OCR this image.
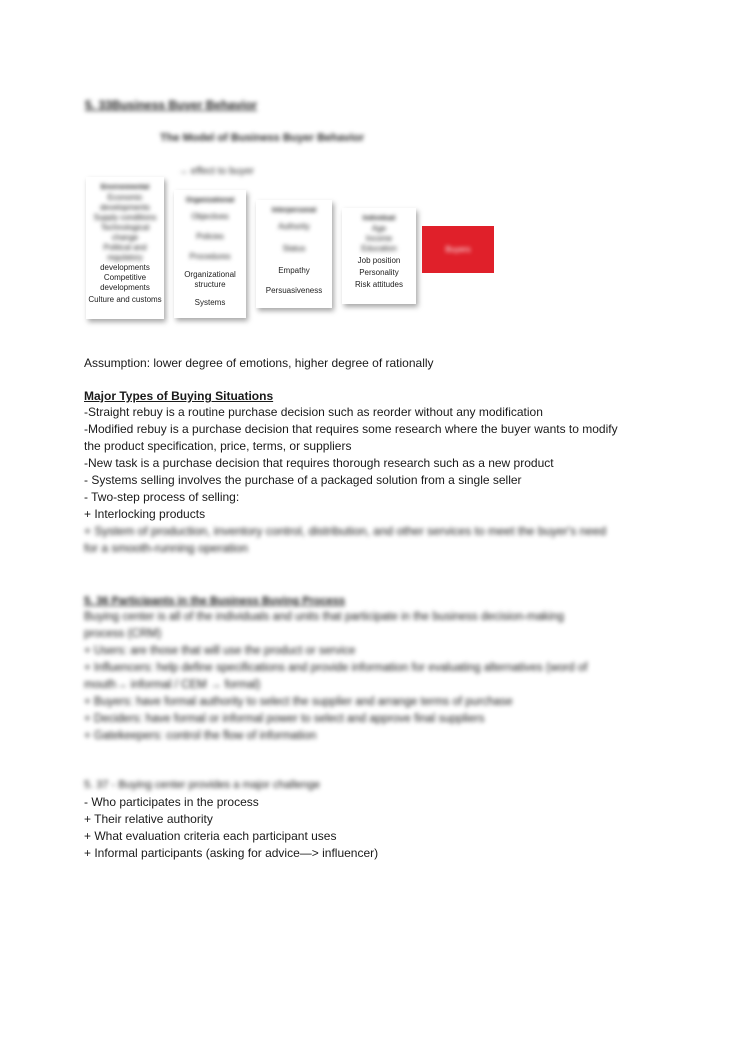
5. 33Business Buyer Behavior
The Model of Business Buyer Behavior
→ effect to buyer
Environmental
Economic
developments
Supply conditions
Technological
change
Political and
regulatory
developments
Competitive
developments
Culture and customs
Organizational
Objectives
Policies
Procedures
Organizational
structure
Systems
Interpersonal
Authority
Status
Empathy
Persuasiveness
Individual
Age
Income
Education
Job position
Personality
Risk attitudes
Buyers
Assumption: lower degree of emotions, higher degree of rationally
Major Types of Buying Situations
-Straight rebuy is a routine purchase decision such as reorder without any modification
-Modified rebuy is a purchase decision that requires some research where the buyer wants to modify
the product specification, price, terms, or suppliers
-New task is a purchase decision that requires thorough research such as a new product
- Systems selling involves the purchase of a packaged solution from a single seller
- Two-step process of selling:
+ Interlocking products
+ System of production, inventory control, distribution, and other services to meet the buyer's need
for a smooth-running operation
5. 36 Participants in the Business Buying Process
Buying center is all of the individuals and units that participate in the business decision-making
process (CRM)
+ Users: are those that will use the product or service
+ Influencers: help define specifications and provide information for evaluating alternatives (word of
mouth→ informal / CEM → formal)
+ Buyers: have formal authority to select the supplier and arrange terms of purchase
+ Deciders: have formal or informal power to select and approve final suppliers
+ Gatekeepers: control the flow of information
5. 37 - Buying center provides a major challenge
- Who participates in the process
+ Their relative authority
+ What evaluation criteria each participant uses
+ Informal participants (asking for advice—> influencer)
